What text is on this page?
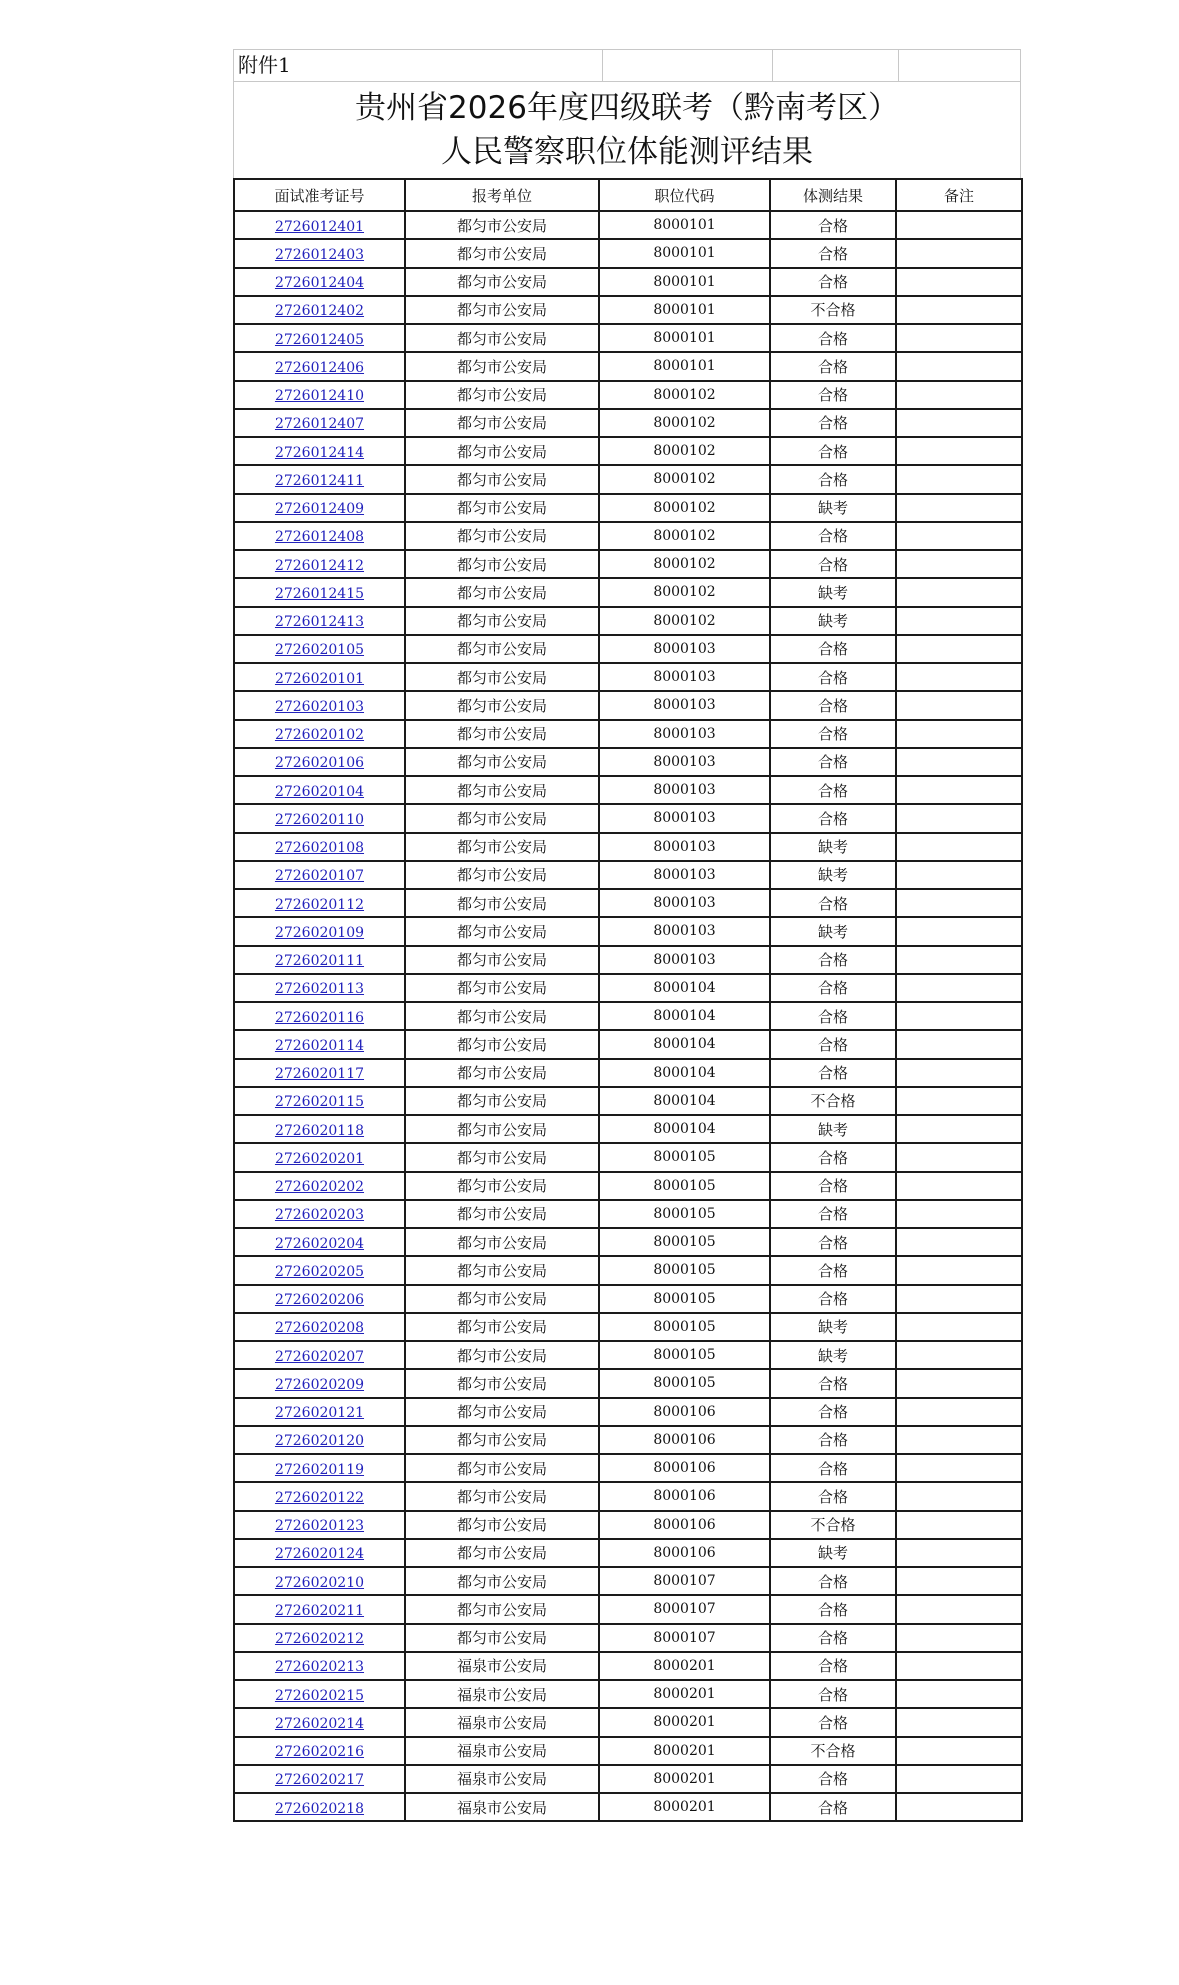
附件1
贵州省2026年度四级联考（黔南考区）
人民警察职位体能测评结果
面试准考证号	报考单位	职位代码	体测结果	备注
2726012401	都匀市公安局	8000101	合格	
2726012403	都匀市公安局	8000101	合格	
2726012404	都匀市公安局	8000101	合格	
2726012402	都匀市公安局	8000101	不合格	
2726012405	都匀市公安局	8000101	合格	
2726012406	都匀市公安局	8000101	合格	
2726012410	都匀市公安局	8000102	合格	
2726012407	都匀市公安局	8000102	合格	
2726012414	都匀市公安局	8000102	合格	
2726012411	都匀市公安局	8000102	合格	
2726012409	都匀市公安局	8000102	缺考	
2726012408	都匀市公安局	8000102	合格	
2726012412	都匀市公安局	8000102	合格	
2726012415	都匀市公安局	8000102	缺考	
2726012413	都匀市公安局	8000102	缺考	
2726020105	都匀市公安局	8000103	合格	
2726020101	都匀市公安局	8000103	合格	
2726020103	都匀市公安局	8000103	合格	
2726020102	都匀市公安局	8000103	合格	
2726020106	都匀市公安局	8000103	合格	
2726020104	都匀市公安局	8000103	合格	
2726020110	都匀市公安局	8000103	合格	
2726020108	都匀市公安局	8000103	缺考	
2726020107	都匀市公安局	8000103	缺考	
2726020112	都匀市公安局	8000103	合格	
2726020109	都匀市公安局	8000103	缺考	
2726020111	都匀市公安局	8000103	合格	
2726020113	都匀市公安局	8000104	合格	
2726020116	都匀市公安局	8000104	合格	
2726020114	都匀市公安局	8000104	合格	
2726020117	都匀市公安局	8000104	合格	
2726020115	都匀市公安局	8000104	不合格	
2726020118	都匀市公安局	8000104	缺考	
2726020201	都匀市公安局	8000105	合格	
2726020202	都匀市公安局	8000105	合格	
2726020203	都匀市公安局	8000105	合格	
2726020204	都匀市公安局	8000105	合格	
2726020205	都匀市公安局	8000105	合格	
2726020206	都匀市公安局	8000105	合格	
2726020208	都匀市公安局	8000105	缺考	
2726020207	都匀市公安局	8000105	缺考	
2726020209	都匀市公安局	8000105	合格	
2726020121	都匀市公安局	8000106	合格	
2726020120	都匀市公安局	8000106	合格	
2726020119	都匀市公安局	8000106	合格	
2726020122	都匀市公安局	8000106	合格	
2726020123	都匀市公安局	8000106	不合格	
2726020124	都匀市公安局	8000106	缺考	
2726020210	都匀市公安局	8000107	合格	
2726020211	都匀市公安局	8000107	合格	
2726020212	都匀市公安局	8000107	合格	
2726020213	福泉市公安局	8000201	合格	
2726020215	福泉市公安局	8000201	合格	
2726020214	福泉市公安局	8000201	合格	
2726020216	福泉市公安局	8000201	不合格	
2726020217	福泉市公安局	8000201	合格	
2726020218	福泉市公安局	8000201	合格	
